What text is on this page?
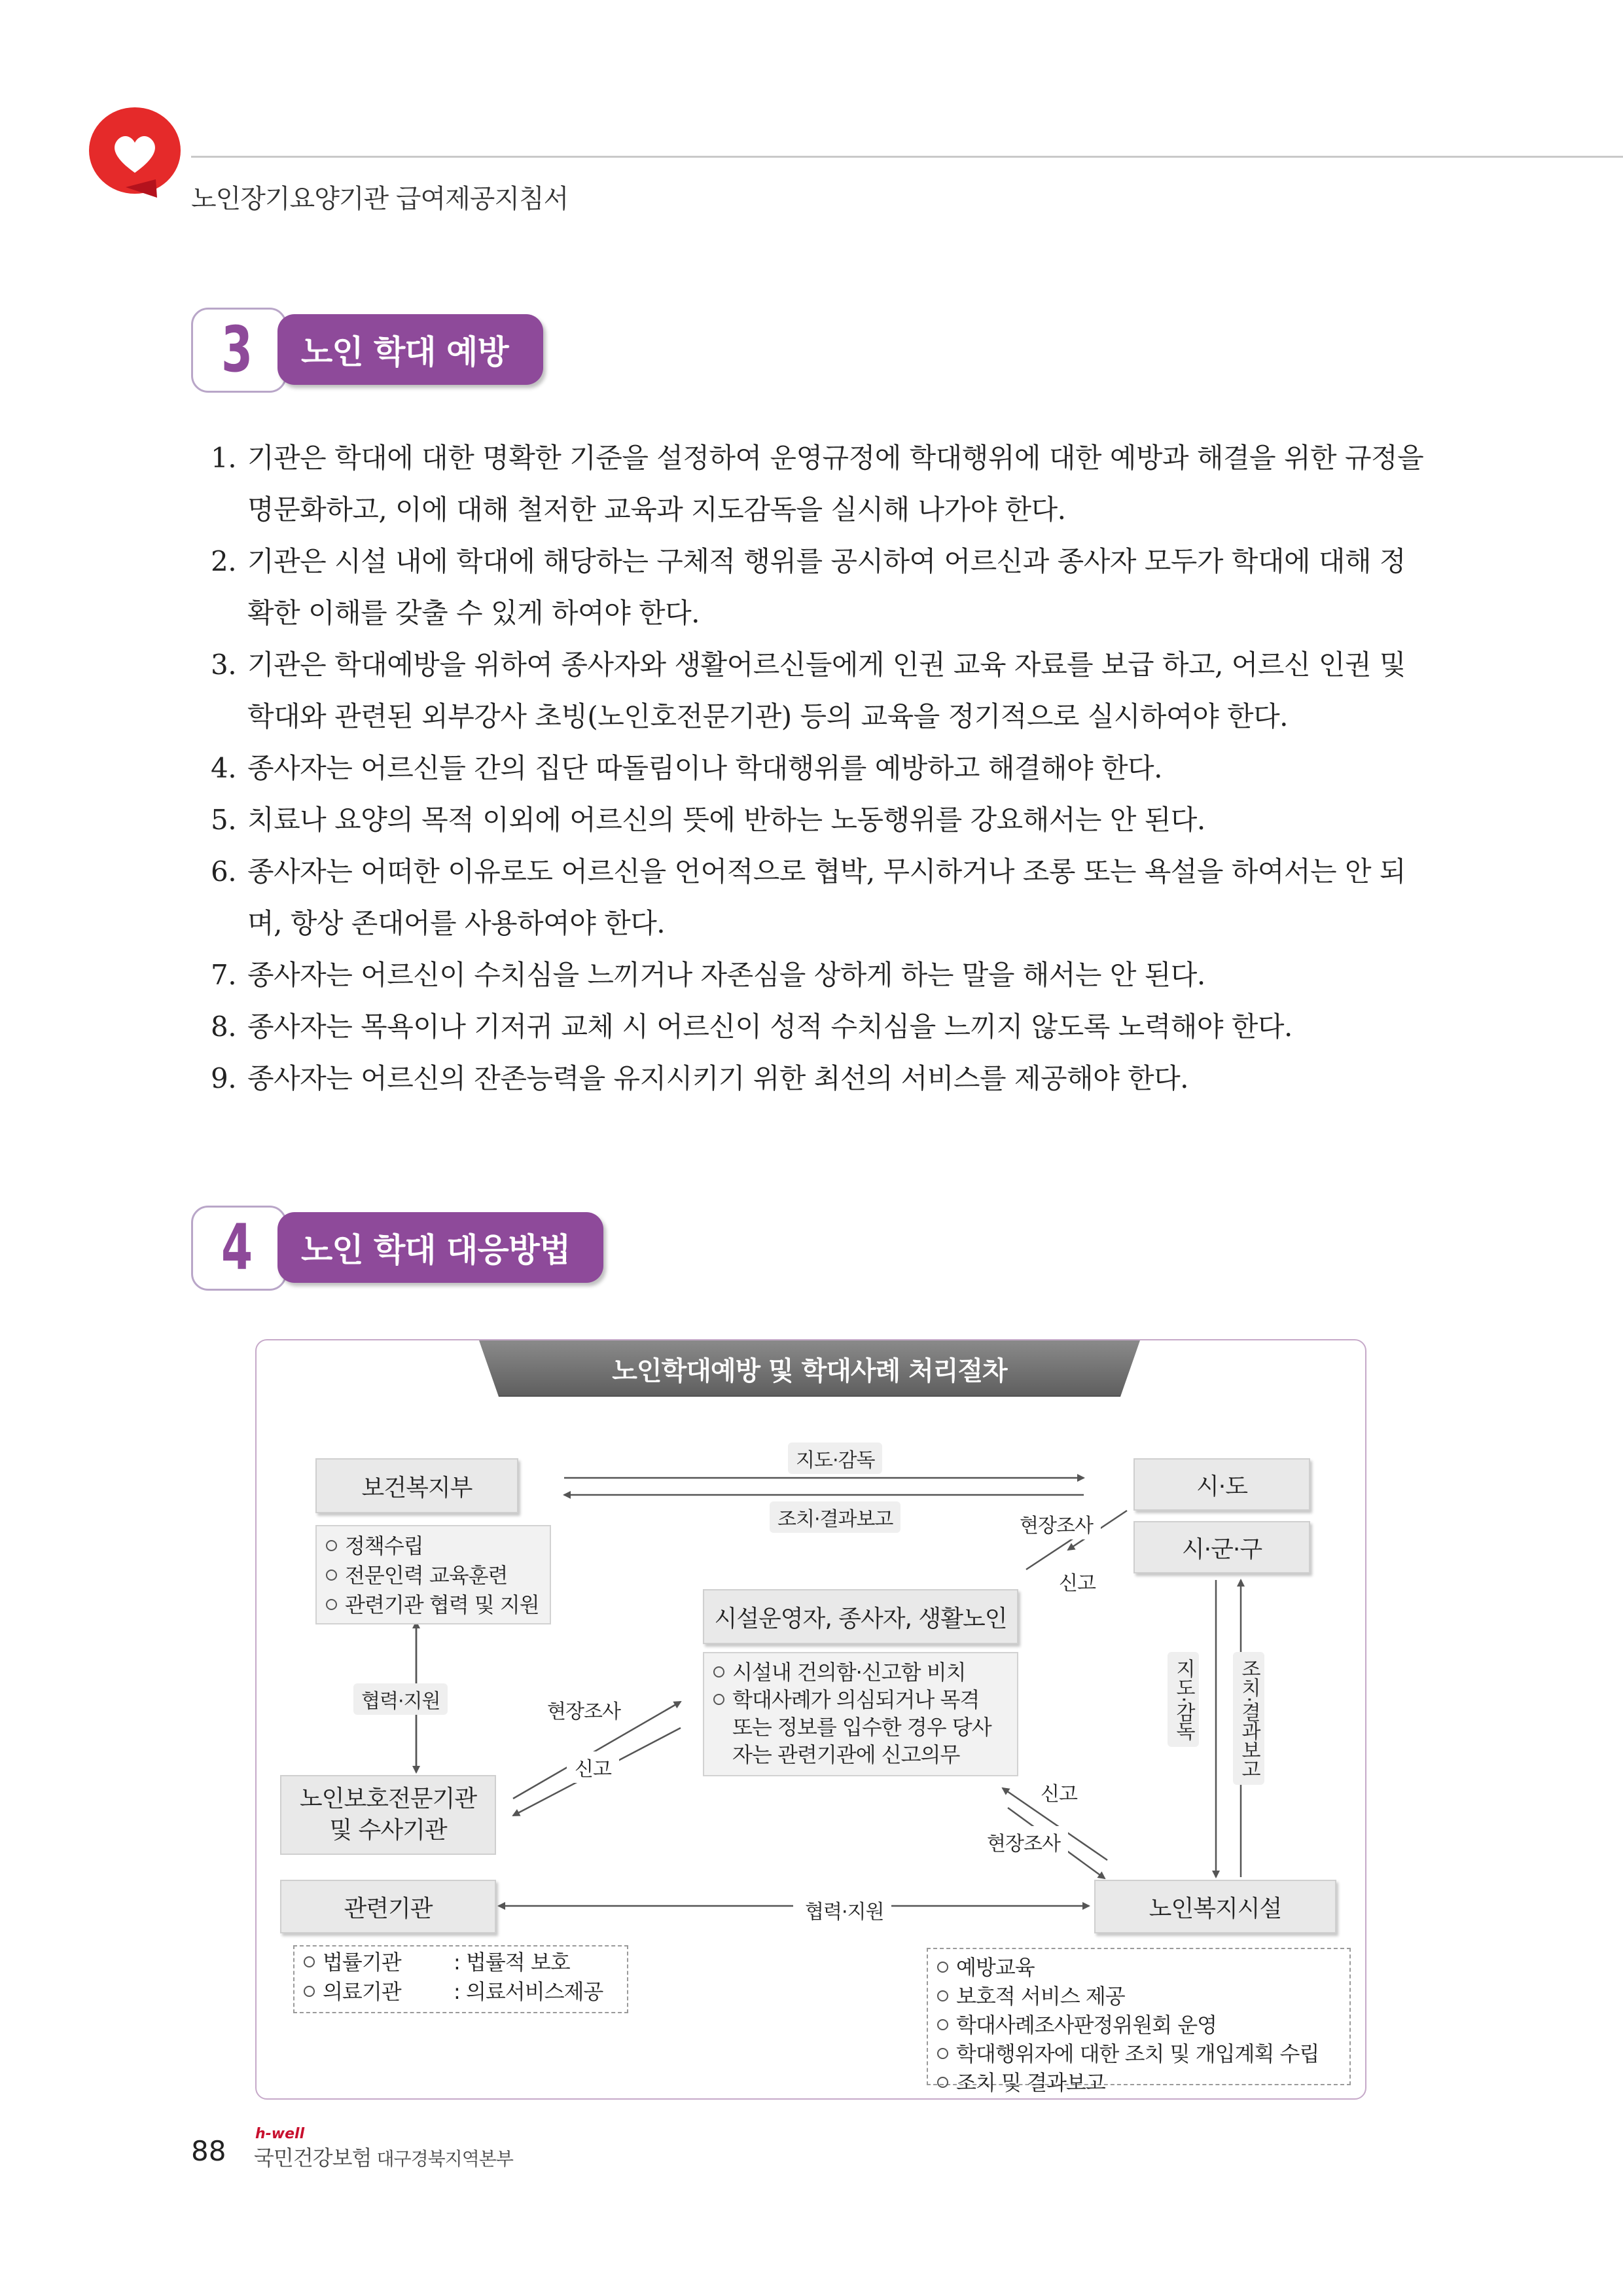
노인장기요양기관 급여제공지침서
3	노인 학대 예방
1. 기관은 학대에 대한 명확한 기준을 설정하여 운영규정에 학대행위에 대한 예방과 해결을 위한 규정을 명문화하고, 이에 대해 철저한 교육과 지도감독을 실시해 나가야 한다.
2. 기관은 시설 내에 학대에 해당하는 구체적 행위를 공시하여 어르신과 종사자 모두가 학대에 대해 정확한 이해를 갖출 수 있게 하여야 한다.
3. 기관은 학대예방을 위하여 종사자와 생활어르신들에게 인권 교육 자료를 보급 하고, 어르신 인권 및 학대와 관련된 외부강사 초빙(노인호전문기관) 등의 교육을 정기적으로 실시하여야 한다.
4. 종사자는 어르신들 간의 집단 따돌림이나 학대행위를 예방하고 해결해야 한다.
5. 치료나 요양의 목적 이외에 어르신의 뜻에 반하는 노동행위를 강요해서는 안 된다.
6. 종사자는 어떠한 이유로도 어르신을 언어적으로 협박, 무시하거나 조롱 또는 욕설을 하여서는 안 되며, 항상 존대어를 사용하여야 한다.
7. 종사자는 어르신이 수치심을 느끼거나 자존심을 상하게 하는 말을 해서는 안 된다.
8. 종사자는 목욕이나 기저귀 교체 시 어르신이 성적 수치심을 느끼지 않도록 노력해야 한다.
9. 종사자는 어르신의 잔존능력을 유지시키기 위한 최선의 서비스를 제공해야 한다.
4	노인 학대 대응방법
노인학대예방 및 학대사례 처리절차
보건복지부
정책수립
전문인력 교육훈련
관련기관 협력 및 지원
시·도
시·군·구
시설운영자, 종사자, 생활노인
시설내 건의함·신고함 비치
학대사례가 의심되거나 목격
또는 정보를 입수한 경우 당사
자는 관련기관에 신고의무
노인보호전문기관
및 수사기관
관련기관
법률기관	: 법률적 보호
의료기관	: 의료서비스제공
노인복지시설
예방교육
보호적 서비스 제공
학대사례조사판정위원회 운영
학대행위자에 대한 조치 및 개입계획 수립
조치 및 결과보고
지도·감독
조치·결과보고	현장조사
신고
협력·지원	현장조사
신고
신고
현장조사
지도·감독 조치·결과보고
협력·지원
88
h-well
국민건강보험 대구경북지역본부
